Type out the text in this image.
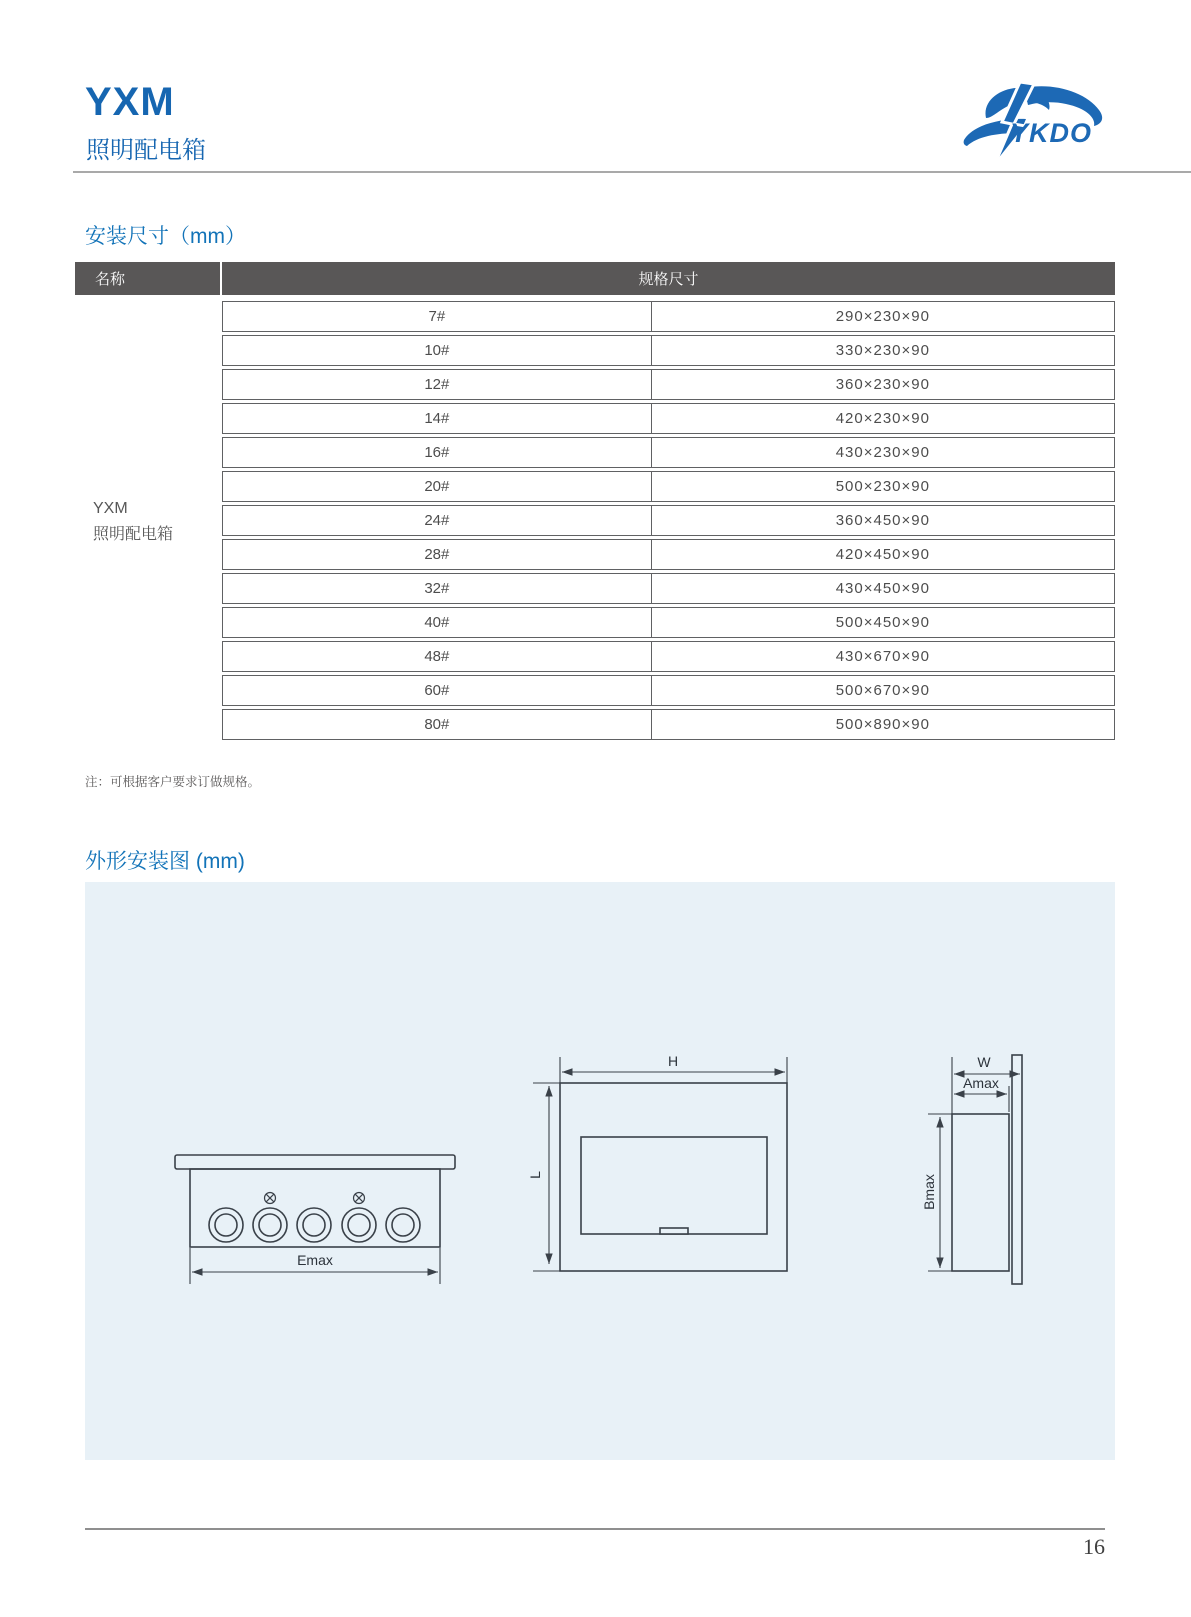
YXM
照明配电箱
YKDO
安装尺寸（mm）
名称	规格尺寸
YXM
照明配电箱
7#	290×230×90
10#	330×230×90
12#	360×230×90
14#	420×230×90
16#	430×230×90
20#	500×230×90
24#	360×450×90
28#	420×450×90
32#	430×450×90
40#	500×450×90
48#	430×670×90
60#	500×670×90
80#	500×890×90
注：可根据客户要求订做规格。
外形安装图 (mm)
Emax
H
L
W
Amax
Bmax
16
